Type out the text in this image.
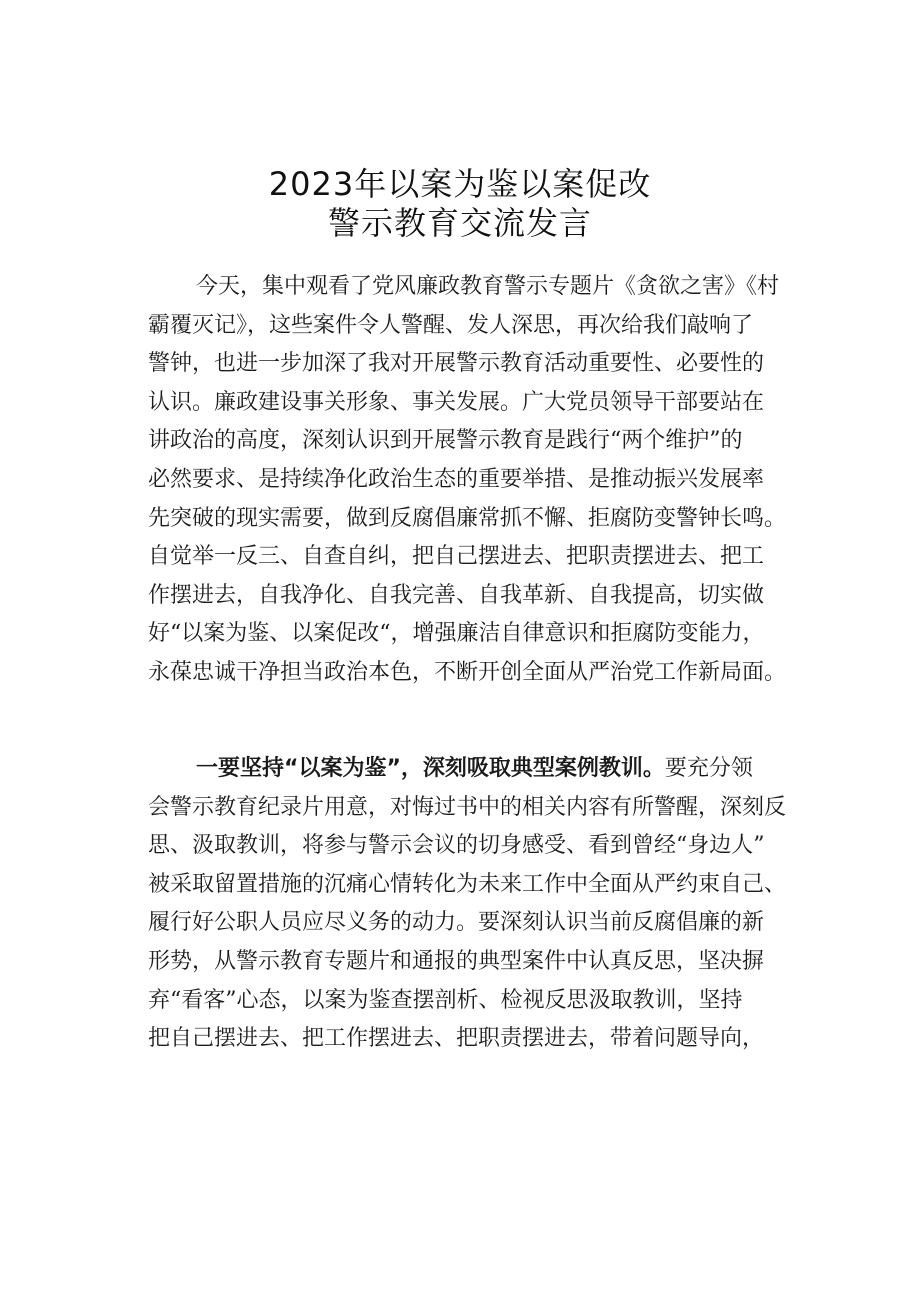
2023年以案为鉴以案促改
警示教育交流发言
今天，集中观看了党风廉政教育警示专题片《贪欲之害》《村
霸覆灭记》，这些案件令人警醒、发人深思，再次给我们敲响了
警钟，也进一步加深了我对开展警示教育活动重要性、必要性的
认识。廉政建设事关形象、事关发展。广大党员领导干部要站在
讲政治的高度，深刻认识到开展警示教育是践行“两个维护”的
必然要求、是持续净化政治生态的重要举措、是推动振兴发展率
先突破的现实需要，做到反腐倡廉常抓不懈、拒腐防变警钟长鸣。
自觉举一反三、自查自纠，把自己摆进去、把职责摆进去、把工
作摆进去，自我净化、自我完善、自我革新、自我提高，切实做
好“以案为鉴、以案促改“，增强廉洁自律意识和拒腐防变能力，
永葆忠诚干净担当政治本色，不断开创全面从严治党工作新局面。
一要坚持“以案为鉴”，深刻吸取典型案例教训。要充分领
会警示教育纪录片用意，对悔过书中的相关内容有所警醒，深刻反
思、汲取教训，将参与警示会议的切身感受、看到曾经“身边人”
被采取留置措施的沉痛心情转化为未来工作中全面从严约束自己、
履行好公职人员应尽义务的动力。要深刻认识当前反腐倡廉的新
形势，从警示教育专题片和通报的典型案件中认真反思，坚决摒
弃“看客”心态，以案为鉴查摆剖析、检视反思汲取教训，坚持
把自己摆进去、把工作摆进去、把职责摆进去，带着问题导向，
